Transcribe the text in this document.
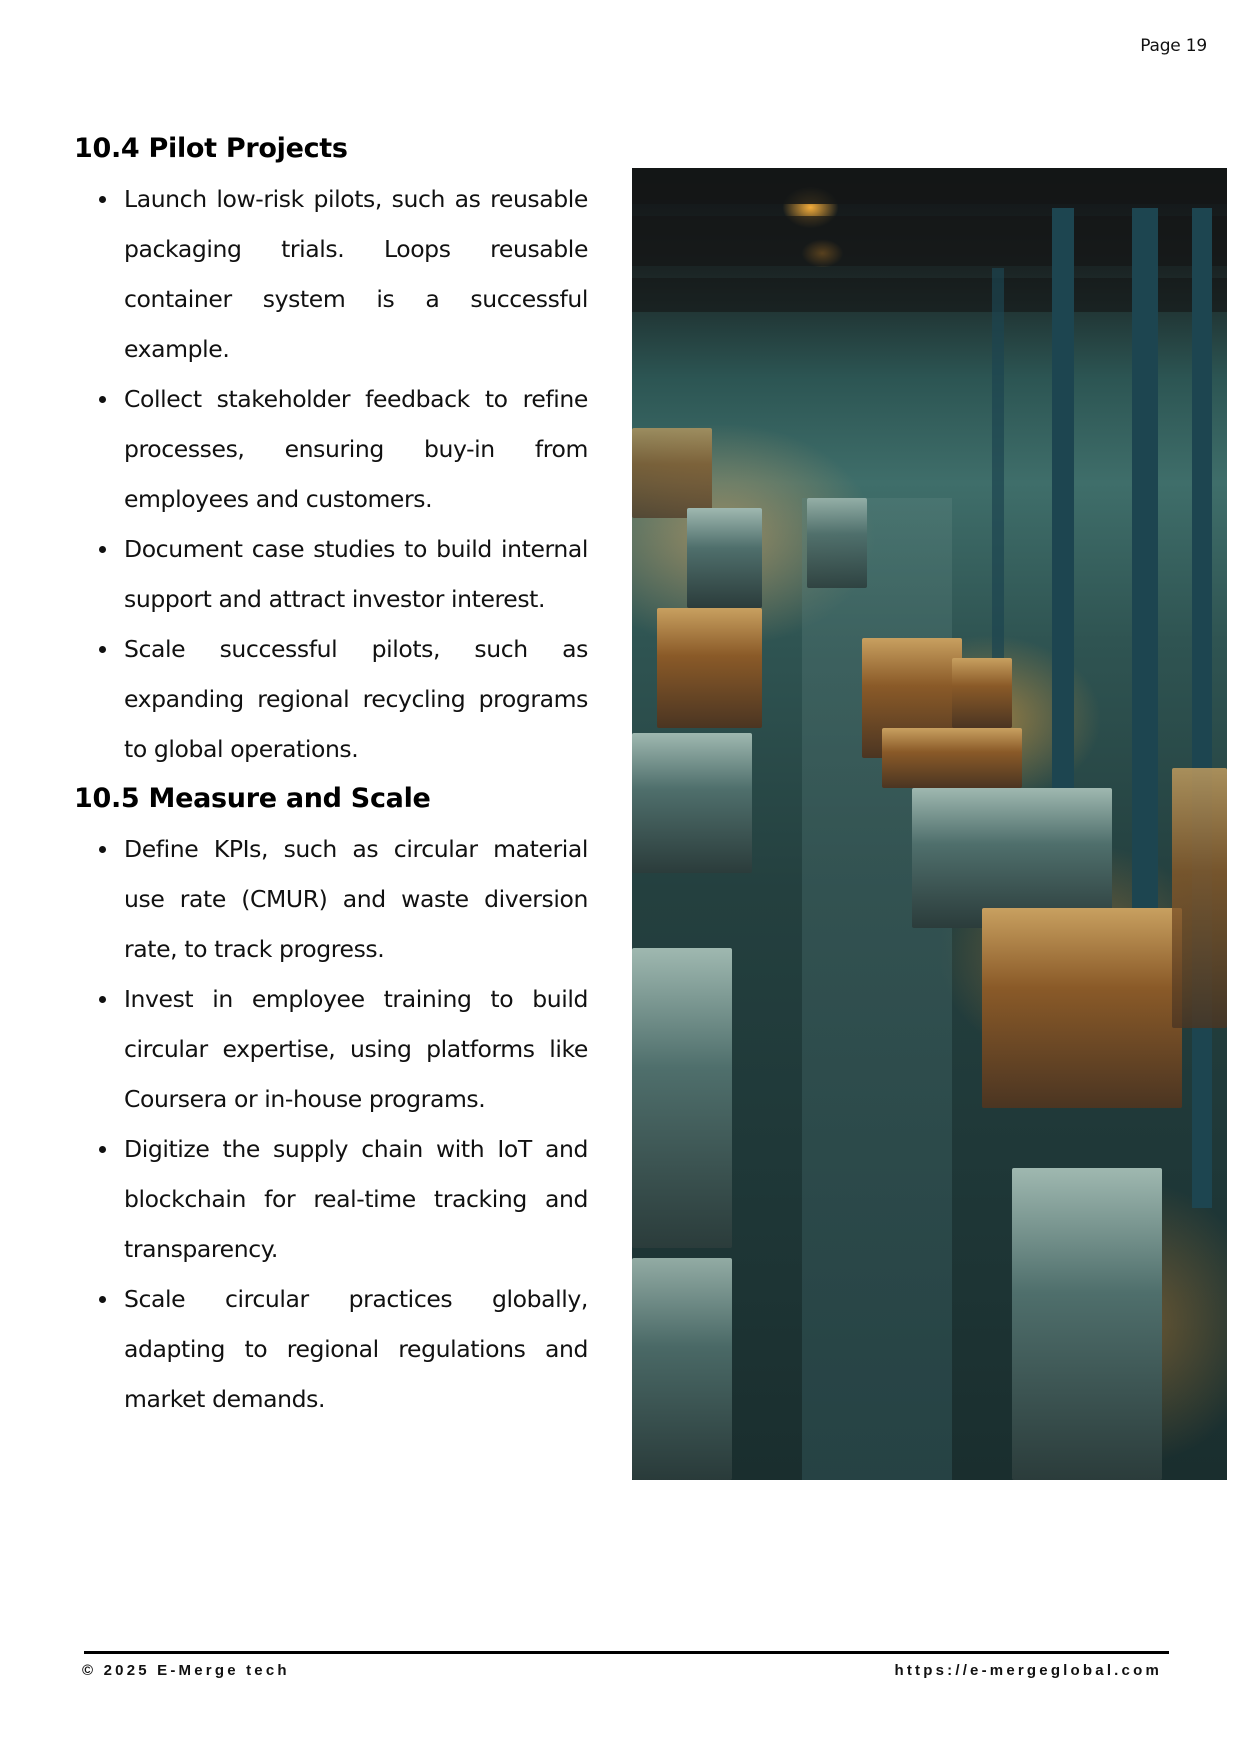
Page 19
10.4 Pilot Projects
Launch low-risk pilots, such as reusable packaging trials. Loops reusable container system is a successful example.
Collect stakeholder feedback to refine processes, ensuring buy-in from employees and customers.
Document case studies to build internal support and attract investor interest.
Scale successful pilots, such as expanding regional recycling programs to global operations.
10.5 Measure and Scale
Define KPIs, such as circular material use rate (CMUR) and waste diversion rate, to track progress.
Invest in employee training to build circular expertise, using platforms like Coursera or in-house programs.
Digitize the supply chain with IoT and blockchain for real-time tracking and transparency.
Scale circular practices globally, adapting to regional regulations and market demands.
© 2025 E-Merge tech	https://e-mergeglobal.com
